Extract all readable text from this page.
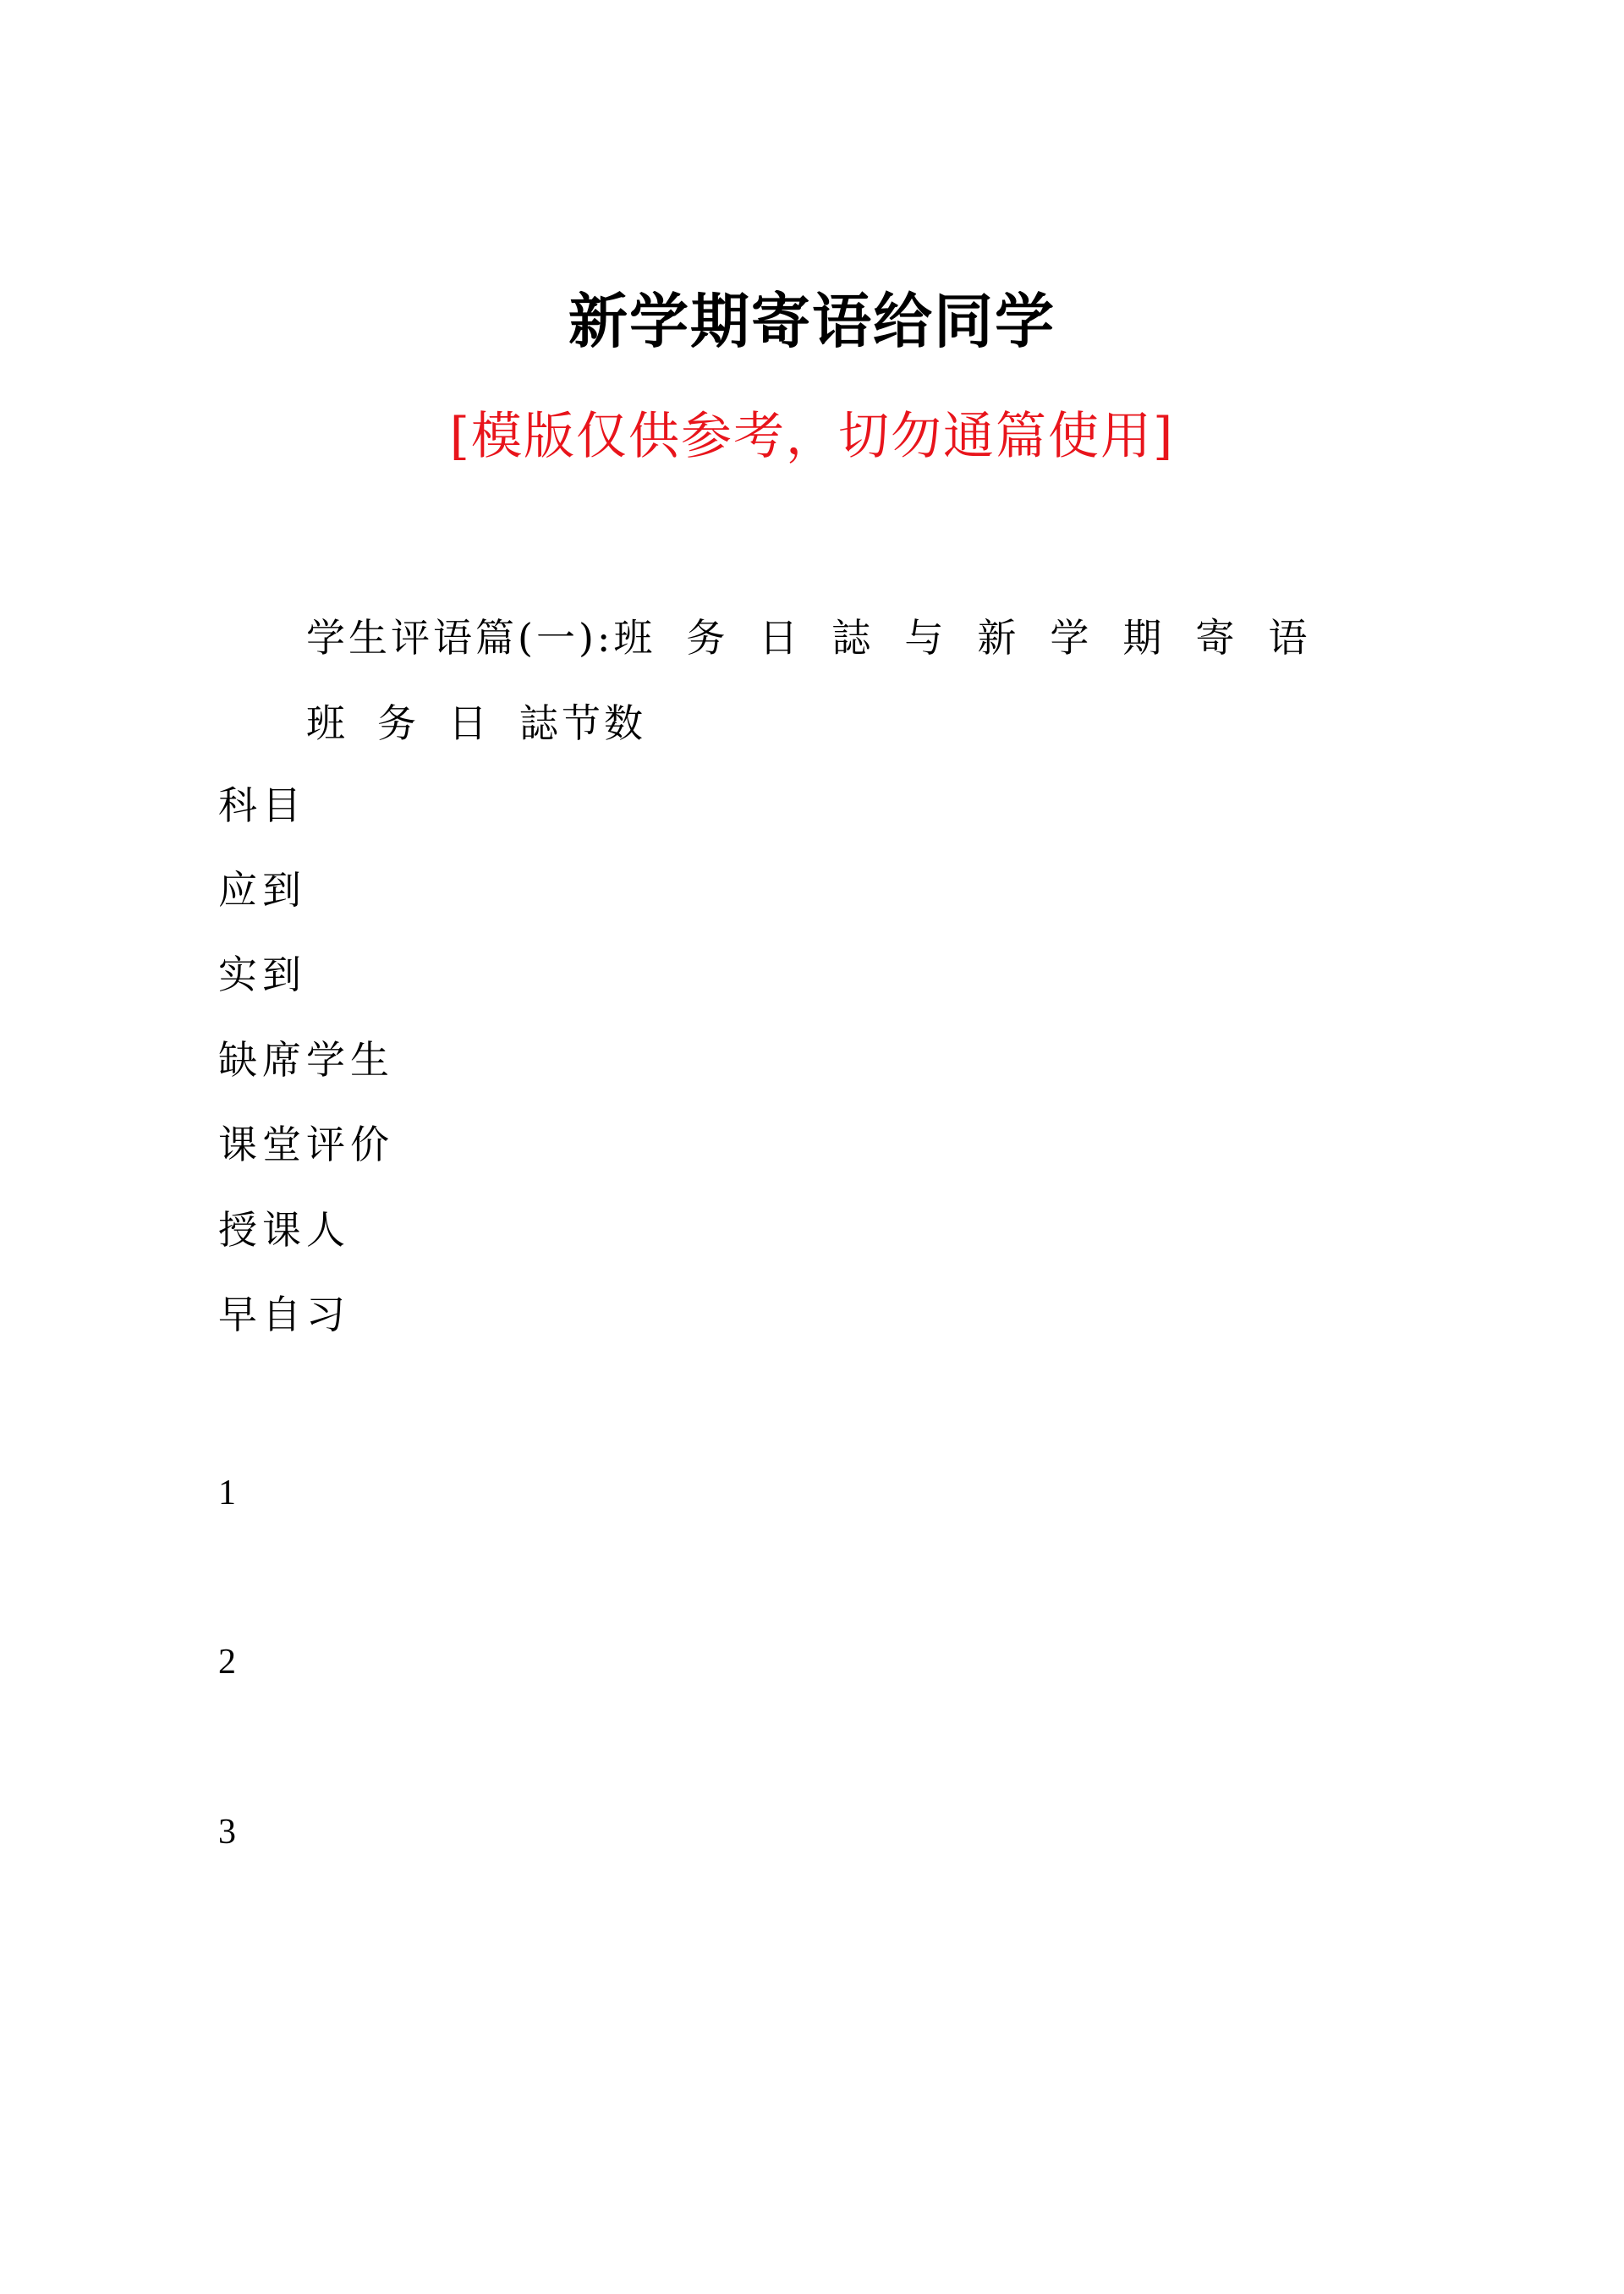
新学期寄语给同学
[模版仅供参考，切勿通篇使用]
学生评语篇(一):班务日誌与新学期寄语
班务日誌节数
科目
应到
实到
缺席学生
课堂评价
授课人
早自习
1
2
3
